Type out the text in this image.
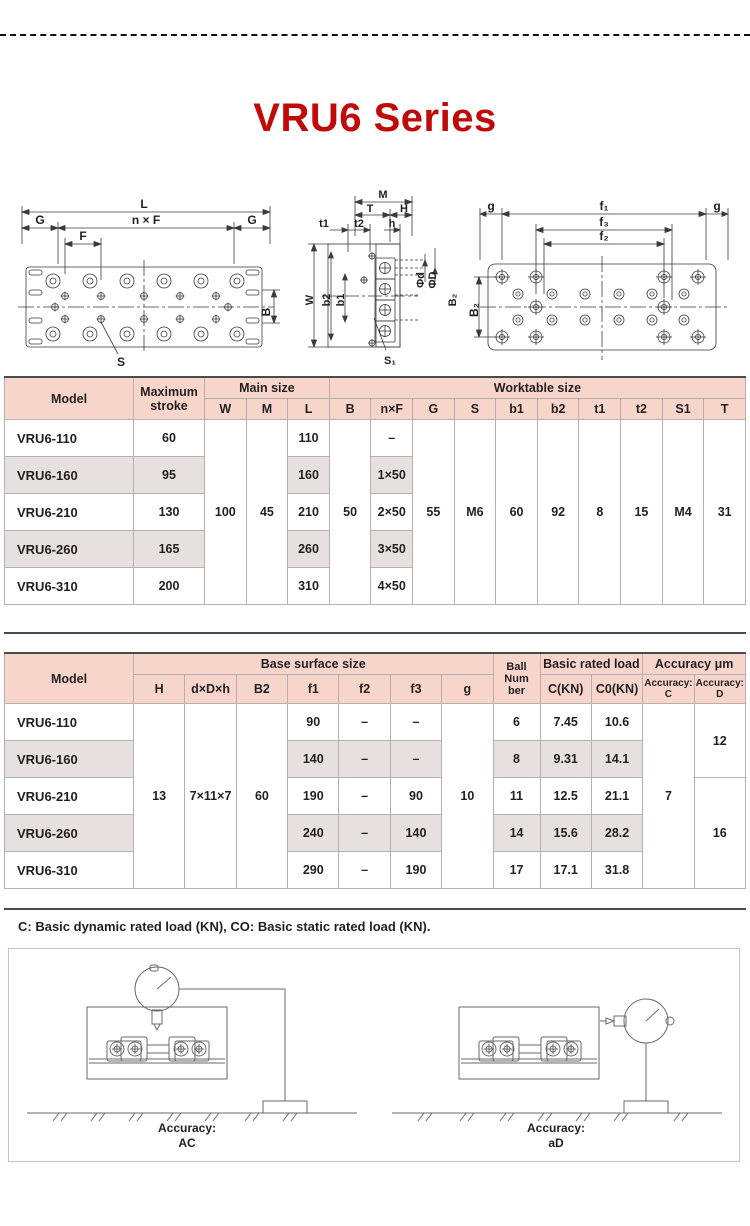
VRU6 Series
L
G	n × F	G
F
B
S
M
T H
t1 t2 h
W b2 b1
Φd ΦD
S₁
B₂
g	f₁	g
f₃
f₂
B₂
Model	Maximum stroke	Main size			Worktable size									
		W	M	L	B	n×F	G	S	b1	b2	t1	t2	S1	T
VRU6-110	60	100	45	110	50	–	55	M6	60	92	8	15	M4	31
VRU6-160	95			160		1×50								
VRU6-210	130			210		2×50								
VRU6-260	165			260		3×50								
VRU6-310	200			310		4×50								
Model	Base surface size							Ball Num ber	Basic rated load		Accuracy μm	
	H	d×D×h	B2	f1	f2	f3	g		C(KN)	C0(KN)	Accuracy: C	Accuracy: D
VRU6-110	13	7×11×7	60	90	–	–	10	6	7.45	10.6	7	12
VRU6-160				140	–	–		8	9.31	14.1		
VRU6-210				190	–	90		11	12.5	21.1		16
VRU6-260				240	–	140		14	15.6	28.2		
VRU6-310				290	–	190		17	17.1	31.8		
C: Basic dynamic rated load (KN), CO: Basic static rated load (KN).
Accuracy:
AC
Accuracy:
aD
